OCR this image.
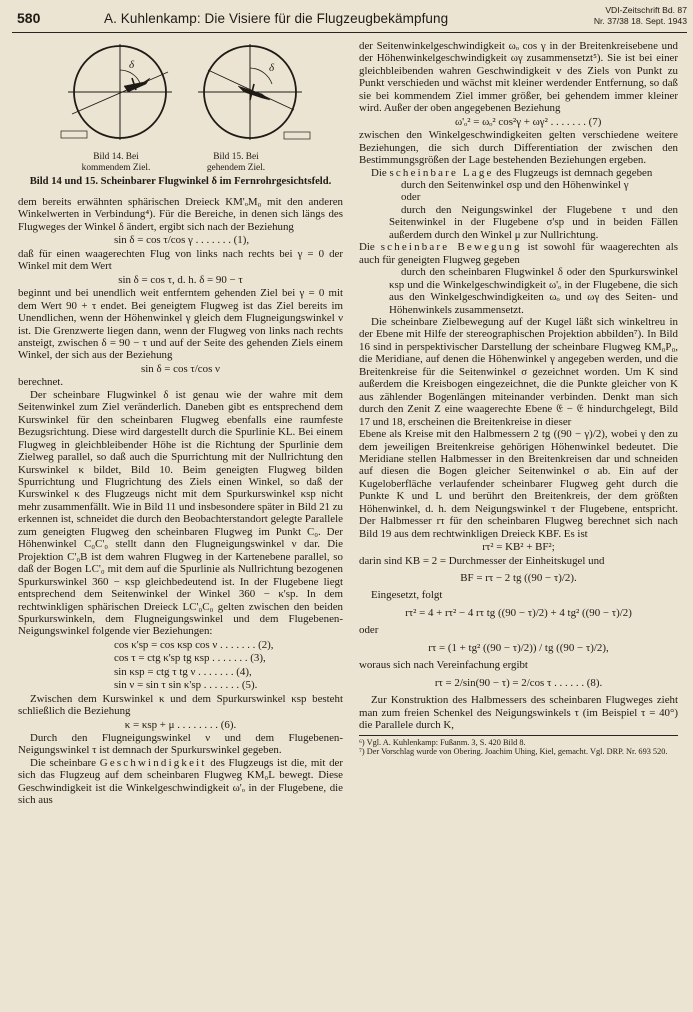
580	A. Kuhlenkamp: Die Visiere für die Flugzeugbekämpfung
VDI-Zeitschrift Bd. 87
Nr. 37/38 18. Sept. 1943
δ	δ
Bild 14. Bei kommendem Ziel.
Bild 15. Bei gehendem Ziel.
Bild 14 und 15. Scheinbarer Flugwinkel δ im Fernrohrgesichtsfeld.

dem bereits erwähnten sphärischen Dreieck KM'ₒM₀ mit den anderen Winkelwerten in Verbindung⁴). Für die Bereiche, in denen sich längs des Flugweges der Winkel δ ändert, ergibt sich nach der Beziehung

sin δ = cos τ/cos γ . . . . . . . (1),

daß für einen waagerechten Flug von links nach rechts bei γ = 0 der Winkel mit dem Wert

sin δ = cos τ, d. h. δ = 90 − τ

beginnt und bei unendlich weit entferntem gehenden Ziel bei γ = 0 mit dem Wert 90 + τ endet. Bei geneigtem Flugweg ist das Ziel bereits im Unendlichen, wenn der Höhenwinkel γ gleich dem Flugneigungswinkel ν ist. Die Grenzwerte liegen dann, wenn der Flugweg von links nach rechts ansteigt, zwischen δ = 90 − τ und auf der Seite des gehenden Ziels einem Winkel, der sich aus der Beziehung

sin δ = cos τ/cos ν

berechnet.

Der scheinbare Flugwinkel δ ist genau wie der wahre mit dem Seitenwinkel zum Ziel veränderlich. Daneben gibt es entsprechend dem Kurswinkel für den scheinbaren Flugweg ebenfalls eine raumfeste Bezugsrichtung. Diese wird dargestellt durch die Spurlinie KL. Bei einem Flugweg in gleichbleibender Höhe ist die Richtung der Spurlinie dem Zielweg parallel, so daß auch die Spurrichtung mit der Nullrichtung den Kurswinkel κ bildet, Bild 10. Beim geneigten Flugweg bilden Spurrichtung und Flugrichtung des Ziels einen Winkel, so daß der Kurswinkel κ des Flugzeugs nicht mit dem Spurkurswinkel κsp nicht mehr zusammenfällt. Wie in Bild 11 und insbesondere später in Bild 21 zu erkennen ist, schneidet die durch den Beobachterstandort gelegte Parallele zum geneigten Flugweg den scheinbaren Flugweg im Punkt C₀. Der Höhenwinkel C₀C'₀ stellt dann den Flugneigungswinkel ν dar. Die Projektion C'₀B ist dem wahren Flugweg in der Kartenebene parallel, so daß der Bogen LC'₀ mit dem auf die Spurlinie als Nullrichtung bezogenen Spurkurswinkel 360 − κsp gleichbedeutend ist. In der Flugebene liegt entsprechend dem Seitenwinkel der Winkel 360 − κ'sp. In dem rechtwinkligen sphärischen Dreieck LC'₀C₀ gelten zwischen den beiden Spurkurswinkeln, dem Flugneigungswinkel und dem Flugebenen-Neigungswinkel folgende vier Beziehungen:

cos κ'sp = cos κsp cos ν . . . . . . . (2),
cos τ = ctg κ'sp tg κsp . . . . . . . (3),
sin κsp = ctg τ tg ν . . . . . . . (4),
sin ν = sin τ sin κ'sp . . . . . . . (5).

Zwischen dem Kurswinkel κ und dem Spurkurswinkel κsp besteht schließlich die Beziehung

κ = κsp + μ . . . . . . . . (6).

Durch den Flugneigungswinkel ν und dem Flugebenen-Neigungswinkel τ ist demnach der Spurkurswinkel gegeben.

Die scheinbare Geschwindigkeit des Flugzeugs ist die, mit der sich das Flugzeug auf dem scheinbaren Flugweg KM₀L bewegt. Diese Geschwindigkeit ist die Winkelgeschwindigkeit ω'ₒ in der Flugebene, die sich aus

der Seitenwinkelgeschwindigkeit ωₒ cos γ in der Breitenkreisebene und der Höhenwinkelgeschwindigkeit ωγ zusammensetzt⁵). Sie ist bei einer gleichbleibenden wahren Geschwindigkeit v des Ziels von Punkt zu Punkt verschieden und wächst mit kleiner werdender Entfernung, so daß sie bei kommendem Ziel immer größer, bei gehendem immer kleiner wird. Außer der oben angegebenen Beziehung

ω'ₒ² = ωₒ² cos²γ + ωγ² . . . . . . . (7)

zwischen den Winkelgeschwindigkeiten gelten verschiedene weitere Beziehungen, die sich durch Differentiation der zwischen den Bestimmungsgrößen der Lage bestehenden Beziehungen ergeben.

Die scheinbare Lage des Flugzeugs ist demnach gegeben

durch den Seitenwinkel σsp und den Höhenwinkel γ

oder

durch den Neigungswinkel der Flugebene τ und den Seitenwinkel in der Flugebene σ'sp und in beiden Fällen außerdem durch den Winkel μ zur Nullrichtung.

Die scheinbare Bewegung ist sowohl für waagerechten als auch für geneigten Flugweg gegeben

durch den scheinbaren Flugwinkel δ oder den Spurkurswinkel κsp und die Winkelgeschwindigkeit ω'ₒ in der Flugebene, die sich aus den Winkelgeschwindigkeiten ωₒ und ωγ des Seiten- und Höhenwinkels zusammensetzt.

Die scheinbare Zielbewegung auf der Kugel läßt sich winkeltreu in der Ebene mit Hilfe der stereographischen Projektion abbilden⁷). In Bild 16 sind in perspektivischer Darstellung der scheinbare Flugweg KM₀P₀, die Meridiane, auf denen die Höhenwinkel γ angegeben werden, und die Breitenkreise für die Seitenwinkel σ gezeichnet worden. Um K sind außerdem die Kreisbogen eingezeichnet, die die Punkte gleicher von K aus zählender Bogenlängen miteinander verbinden. Denkt man sich durch den Zenit Z eine waagerechte Ebene 𝔈 − 𝔈 hindurchgelegt, Bild 17 und 18, erscheinen die Breitenkreise in dieser

Ebene als Kreise mit den Halbmessern 2 tg ((90 − γ)/2), wobei γ den zu dem jeweiligen Breitenkreise gehörigen Höhenwinkel bedeutet. Die Meridiane stellen Halbmesser in den Breitenkreisen dar und schneiden auf diesen die Bogen gleicher Seitenwinkel σ ab. Ein auf der Kugeloberfläche verlaufender scheinbarer Flugweg geht durch die Punkte K und L und berührt den Breitenkreis, der dem größten Höhenwinkel, d. h. dem Neigungswinkel τ der Flugebene, entspricht. Der Halbmesser rτ für den scheinbaren Flugweg berechnet sich nach Bild 19 aus dem rechtwinkligen Dreieck KBF. Es ist

rτ² = KB² + BF²;

darin sind KB = 2 = Durchmesser der Einheitskugel und

BF = rτ − 2 tg ((90 − τ)/2).

Eingesetzt, folgt

rτ² = 4 + rτ² − 4 rτ tg ((90 − τ)/2) + 4 tg² ((90 − τ)/2)

oder

rτ = (1 + tg² ((90 − τ)/2)) / tg ((90 − τ)/2),

woraus sich nach Vereinfachung ergibt

rτ = 2/sin(90 − τ) = 2/cos τ . . . . . . (8).

Zur Konstruktion des Halbmessers des scheinbaren Flugweges zieht man zum freien Schenkel des Neigungswinkels τ (im Beispiel τ = 40°) die Parallele durch K,

⁶) Vgl. A. Kuhlenkamp: Fußanm. 3, S. 420 Bild 8.
⁷) Der Vorschlag wurde von Obering. Joachim Uhing, Kiel, gemacht. Vgl. DRP. Nr. 693 520.
